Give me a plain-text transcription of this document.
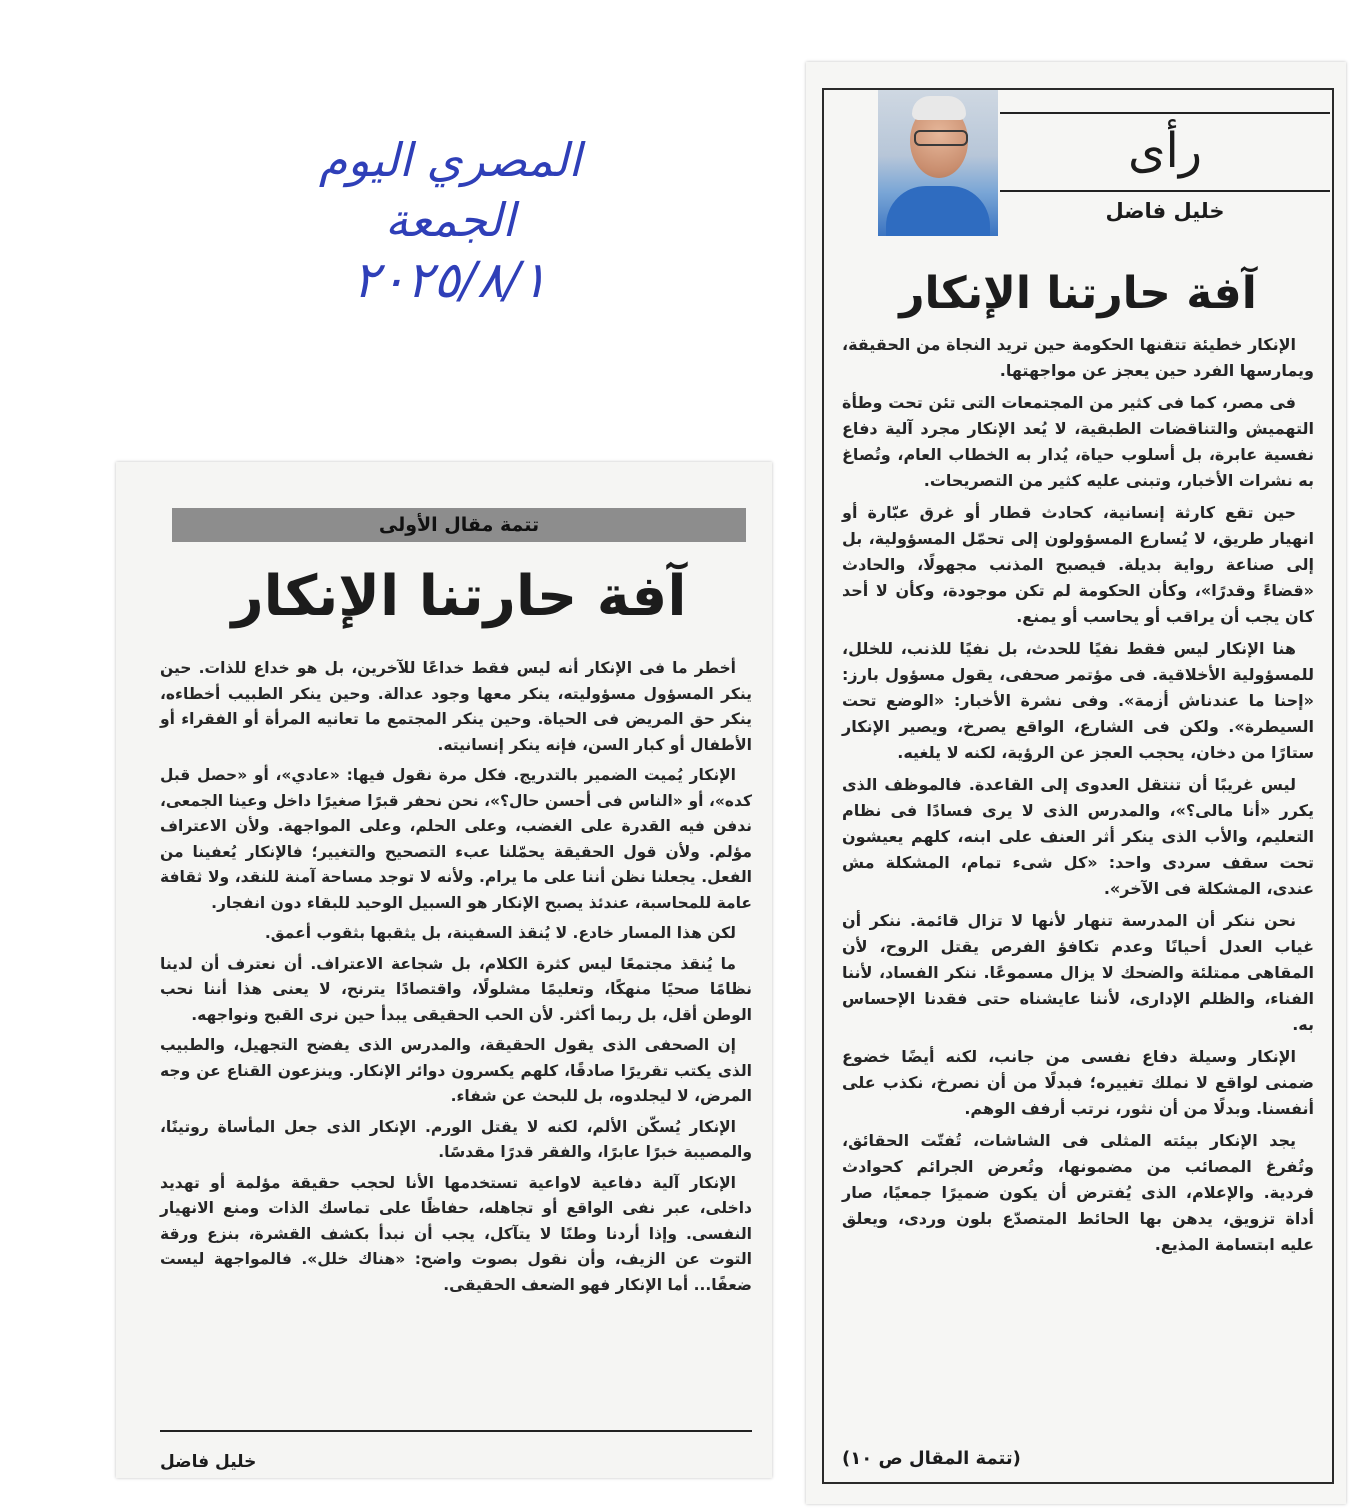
المصري اليوم
الجمعة
٢٠٢٥/٨/١
رأى
خليل فاضل
آفة حارتنا الإنكار

الإنكار خطيئة تتقنها الحكومة حين تريد النجاة من الحقيقة، ويمارسها الفرد حين يعجز عن مواجهتها.

فى مصر، كما فى كثير من المجتمعات التى تئن تحت وطأة التهميش والتناقضات الطبقية، لا يُعد الإنكار مجرد آلية دفاع نفسية عابرة، بل أسلوب حياة، يُدار به الخطاب العام، وتُصاغ به نشرات الأخبار، وتبنى عليه كثير من التصريحات.

حين تقع كارثة إنسانية، كحادث قطار أو غرق عبّارة أو انهيار طريق، لا يُسارع المسؤولون إلى تحمّل المسؤولية، بل إلى صناعة رواية بديلة. فيصبح المذنب مجهولًا، والحادث «قضاءً وقدرًا»، وكأن الحكومة لم تكن موجودة، وكأن لا أحد كان يجب أن يراقب أو يحاسب أو يمنع.

هنا الإنكار ليس فقط نفيًا للحدث، بل نفيًا للذنب، للخلل، للمسؤولية الأخلاقية. فى مؤتمر صحفى، يقول مسؤول بارز: «إحنا ما عندناش أزمة». وفى نشرة الأخبار: «الوضع تحت السيطرة». ولكن فى الشارع، الواقع يصرخ، ويصير الإنكار ستارًا من دخان، يحجب العجز عن الرؤية، لكنه لا يلغيه.

ليس غريبًا أن تنتقل العدوى إلى القاعدة. فالموظف الذى يكرر «أنا مالى؟»، والمدرس الذى لا يرى فسادًا فى نظام التعليم، والأب الذى ينكر أثر العنف على ابنه، كلهم يعيشون تحت سقف سردى واحد: «كل شىء تمام، المشكلة مش عندى، المشكلة فى الآخر».

نحن ننكر أن المدرسة تنهار لأنها لا تزال قائمة. ننكر أن غياب العدل أحيانًا وعدم تكافؤ الفرص يقتل الروح، لأن المقاهى ممتلئة والضحك لا يزال مسموعًا. ننكر الفساد، لأننا الفناء، والظلم الإدارى، لأننا عايشناه حتى فقدنا الإحساس به.

الإنكار وسيلة دفاع نفسى من جانب، لكنه أيضًا خضوع ضمنى لواقع لا نملك تغييره؛ فبدلًا من أن نصرخ، نكذب على أنفسنا. وبدلًا من أن نثور، نرتب أرفف الوهم.

يجد الإنكار بيئته المثلى فى الشاشات، تُفتّت الحقائق، وتُفرغ المصائب من مضمونها، وتُعرض الجرائم كحوادث فردية. والإعلام، الذى يُفترض أن يكون ضميرًا جمعيًا، صار أداة تزويق، يدهن بها الحائط المتصدّع بلون وردى، ويعلق عليه ابتسامة المذيع.

(تتمة المقال ص ١٠)
تتمة مقال الأولى
آفة حارتنا الإنكار

أخطر ما فى الإنكار أنه ليس فقط خداعًا للآخرين، بل هو خداع للذات. حين ينكر المسؤول مسؤوليته، ينكر معها وجود عدالة. وحين ينكر الطبيب أخطاءه، ينكر حق المريض فى الحياة. وحين ينكر المجتمع ما تعانيه المرأة أو الفقراء أو الأطفال أو كبار السن، فإنه ينكر إنسانيته.

الإنكار يُميت الضمير بالتدريج. فكل مرة نقول فيها: «عادي»، أو «حصل قبل كده»، أو «الناس فى أحسن حال؟»، نحن نحفر قبرًا صغيرًا داخل وعينا الجمعى، ندفن فيه القدرة على الغضب، وعلى الحلم، وعلى المواجهة. ولأن الاعتراف مؤلم. ولأن قول الحقيقة يحمّلنا عبء التصحيح والتغيير؛ فالإنكار يُعفينا من الفعل. يجعلنا نظن أننا على ما يرام. ولأنه لا توجد مساحة آمنة للنقد، ولا ثقافة عامة للمحاسبة، عندئذ يصبح الإنكار هو السبيل الوحيد للبقاء دون انفجار.

لكن هذا المسار خادع. لا يُنقذ السفينة، بل يثقبها بثقوب أعمق.

ما يُنقذ مجتمعًا ليس كثرة الكلام، بل شجاعة الاعتراف. أن نعترف أن لدينا نظامًا صحيًا منهكًا، وتعليمًا مشلولًا، واقتصادًا يترنح، لا يعنى هذا أننا نحب الوطن أقل، بل ربما أكثر. لأن الحب الحقيقى يبدأ حين نرى القبح ونواجهه.

إن الصحفى الذى يقول الحقيقة، والمدرس الذى يفضح التجهيل، والطبيب الذى يكتب تقريرًا صادقًا، كلهم يكسرون دوائر الإنكار. وينزعون القناع عن وجه المرض، لا ليجلدوه، بل للبحث عن شفاء.

الإنكار يُسكّن الألم، لكنه لا يقتل الورم. الإنكار الذى جعل المأساة روتينًا، والمصيبة خبرًا عابرًا، والفقر قدرًا مقدسًا.

الإنكار آلية دفاعية لاواعية تستخدمها الأنا لحجب حقيقة مؤلمة أو تهديد داخلى، عبر نفى الواقع أو تجاهله، حفاظًا على تماسك الذات ومنع الانهيار النفسى. وإذا أردنا وطنًا لا يتآكل، يجب أن نبدأ بكشف القشرة، بنزع ورقة التوت عن الزيف، وأن نقول بصوت واضح: «هناك خلل». فالمواجهة ليست ضعفًا... أما الإنكار فهو الضعف الحقيقى.

خليل فاضل
